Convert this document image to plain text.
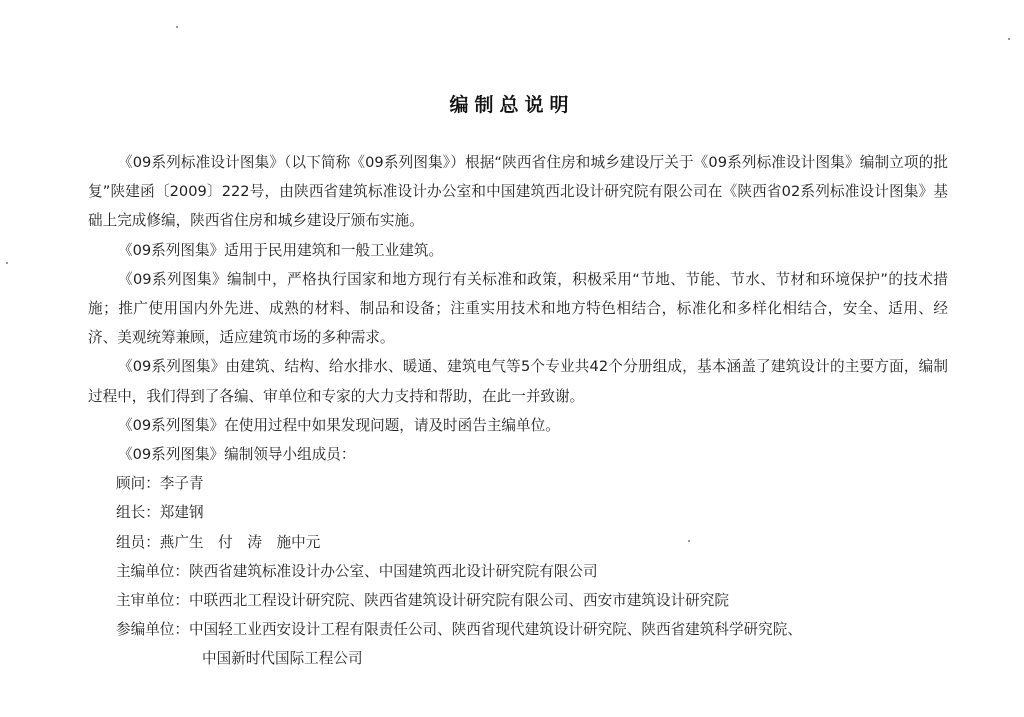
编制总说明

《09系列标准设计图集》（以下简称《09系列图集》）根据“陕西省住房和城乡建设厅关于《09系列标准设计图集》编制立项的批复”陕建函〔2009〕222号，由陕西省建筑标准设计办公室和中国建筑西北设计研究院有限公司在《陕西省02系列标准设计图集》基础上完成修编，陕西省住房和城乡建设厅颁布实施。

《09系列图集》适用于民用建筑和一般工业建筑。

《09系列图集》编制中，严格执行国家和地方现行有关标准和政策，积极采用“节地、节能、节水、节材和环境保护”的技术措施；推广使用国内外先进、成熟的材料、制品和设备；注重实用技术和地方特色相结合，标准化和多样化相结合，安全、适用、经济、美观统筹兼顾，适应建筑市场的多种需求。

《09系列图集》由建筑、结构、给水排水、暖通、建筑电气等5个专业共42个分册组成，基本涵盖了建筑设计的主要方面，编制过程中，我们得到了各编、审单位和专家的大力支持和帮助，在此一并致谢。

《09系列图集》在使用过程中如果发现问题，请及时函告主编单位。

《09系列图集》编制领导小组成员：

顾问：李子青

组长：郑建钢

组员：燕广生　付　涛　施中元

主编单位：陕西省建筑标准设计办公室、中国建筑西北设计研究院有限公司

主审单位：中联西北工程设计研究院、陕西省建筑设计研究院有限公司、西安市建筑设计研究院

参编单位：中国轻工业西安设计工程有限责任公司、陕西省现代建筑设计研究院、陕西省建筑科学研究院、
中国新时代国际工程公司
